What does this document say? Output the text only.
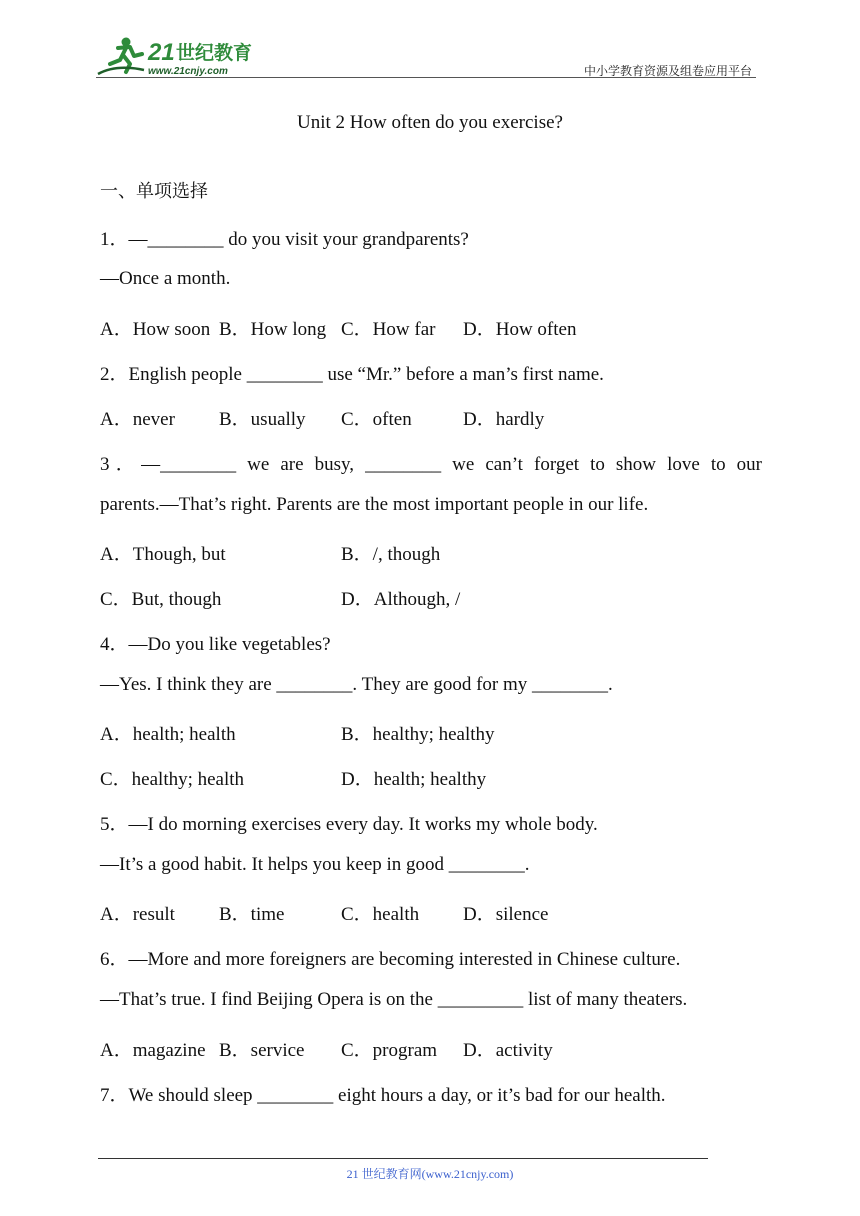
21 世纪教育
www.21cnjy.com	中小学教育资源及组卷应用平台
Unit 2 How often do you exercise?
一、单项选择
1．—________ do you visit your grandparents?
—Once a month.
A．How soon B．How long C．How far D．How often
2．English people ________ use “Mr.” before a man’s first name.
A．never B．usually C．often	D．hardly
3．—________ we are busy, ________ we can’t forget to show love to our
parents.—That’s right. Parents are the most important people in our life.
A．Though, but	B．/, though
C．But, though	D．Although, /
4．—Do you like vegetables?
—Yes. I think they are ________. They are good for my ________.
A．health; health	B．healthy; healthy
C．healthy; health	D．health; healthy
5．—I do morning exercises every day. It works my whole body.
—It’s a good habit. It helps you keep in good ________.
A．result B．time	C．health D．silence
6．—More and more foreigners are becoming interested in Chinese culture.
—That’s true. I find Beijing Opera is on the _________ list of many theaters.
A．magazine B．service C．program D．activity
7．We should sleep ________ eight hours a day, or it’s bad for our health.
21 世纪教育网(www.21cnjy.com)
